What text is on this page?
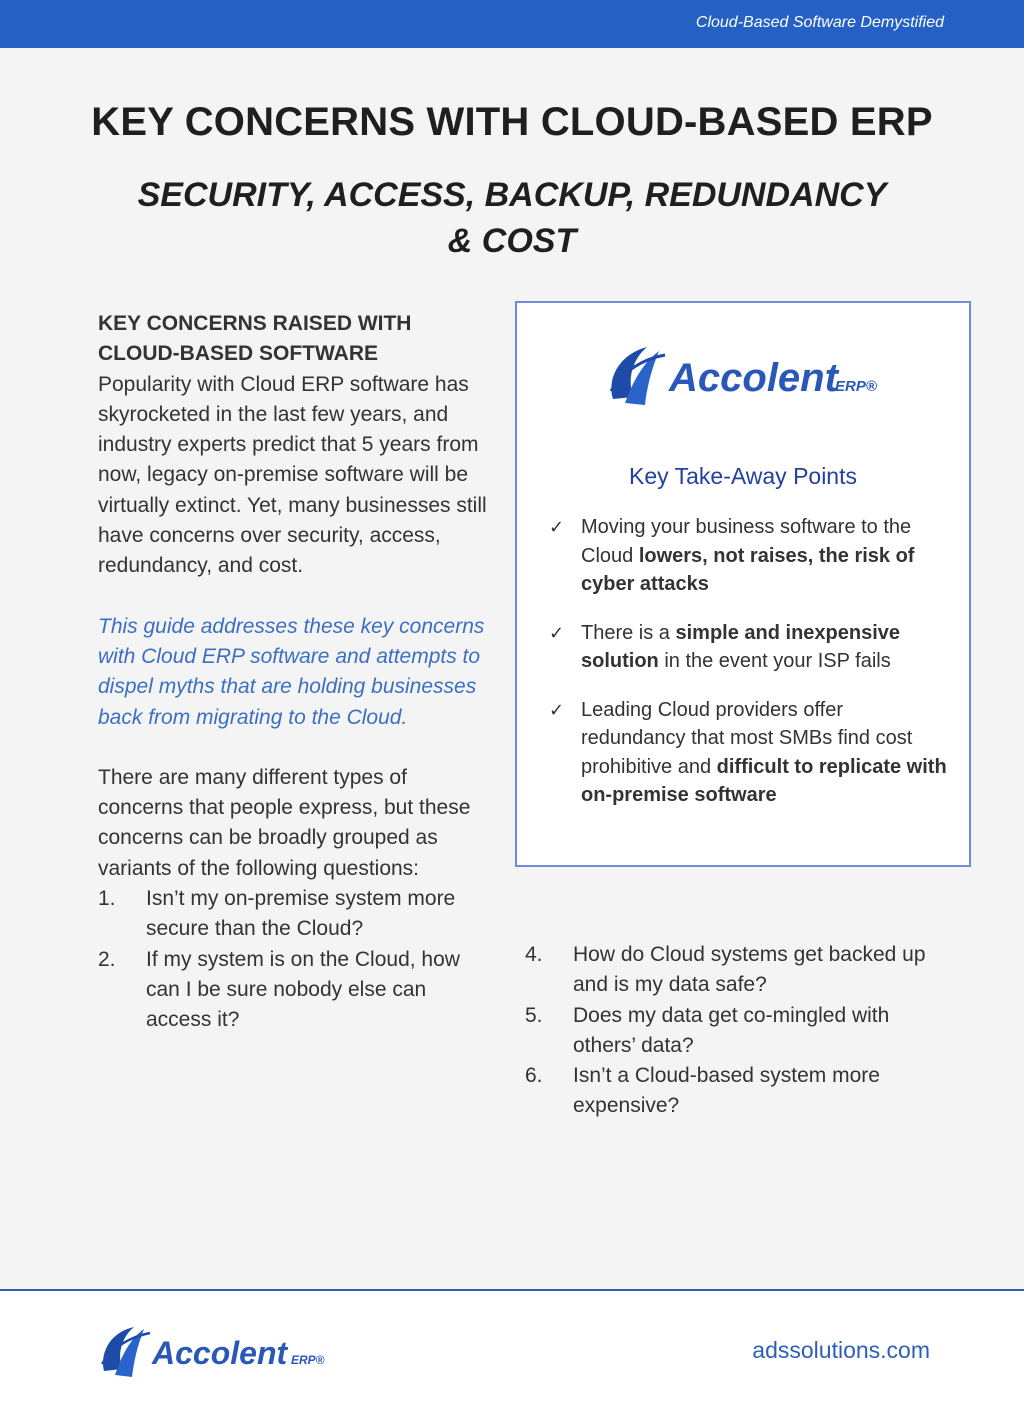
Cloud-Based Software Demystified
KEY CONCERNS WITH CLOUD-BASED ERP
SECURITY, ACCESS, BACKUP, REDUNDANCY
& COST

KEY CONCERNS RAISED WITH CLOUD-BASED SOFTWARE

Popularity with Cloud ERP software has skyrocketed in the last few years, and industry experts predict that 5 years from now, legacy on-premise software will be virtually extinct. Yet, many businesses still have concerns over security, access, redundancy, and cost.

This guide addresses these key concerns with Cloud ERP software and attempts to dispel myths that are holding businesses back from migrating to the Cloud.

There are many different types of concerns that people express, but these concerns can be broadly grouped as variants of the following questions:

1. Isn’t my on-premise system more secure than the Cloud?
2. If my system is on the Cloud, how can I be sure nobody else can access it?
Accolent
ERP®
Key Take-Away Points
✓ Moving your business software to the Cloud lowers, not raises, the risk of cyber attacks
✓ There is a simple and inexpensive solution in the event your ISP fails
✓ Leading Cloud providers offer redundancy that most SMBs find cost prohibitive and difficult to replicate with on-premise software
4. How do Cloud systems get backed up and is my data safe?
5. Does my data get co-mingled with others’ data?
6. Isn’t a Cloud-based system more expensive?
Accolent ERP®	adssolutions.com
